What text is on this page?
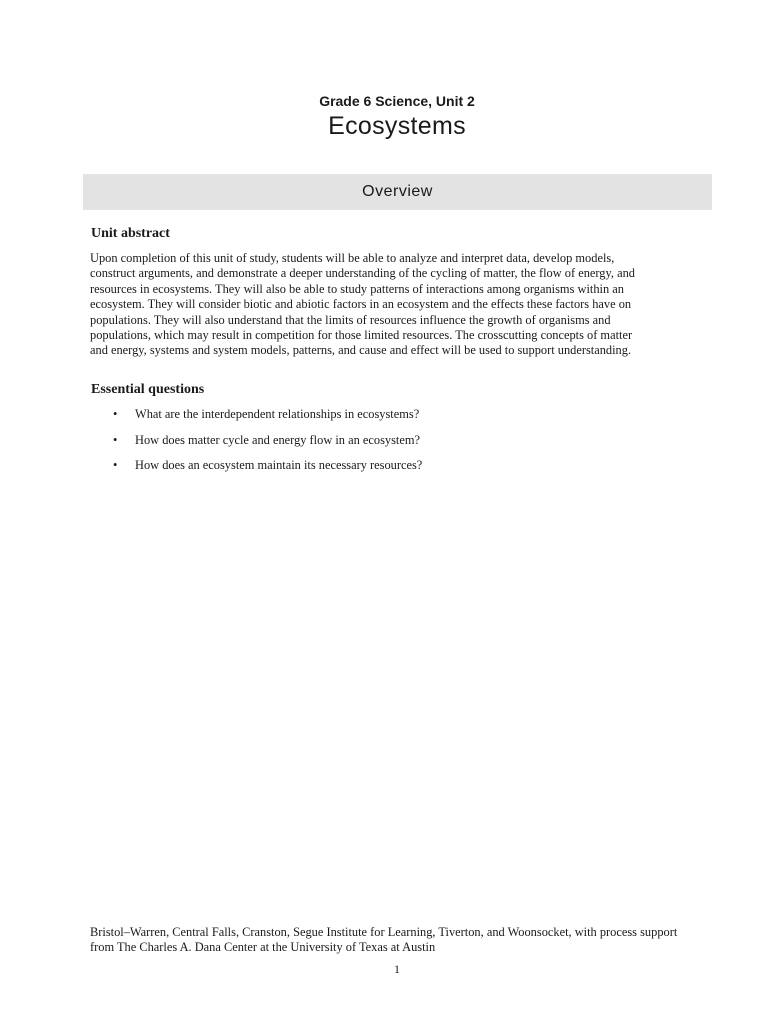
Grade 6 Science, Unit 2
Ecosystems
Overview
Unit abstract
Upon completion of this unit of study, students will be able to analyze and interpret data, develop models,
construct arguments, and demonstrate a deeper understanding of the cycling of matter, the flow of energy, and
resources in ecosystems. They will also be able to study patterns of interactions among organisms within an
ecosystem. They will consider biotic and abiotic factors in an ecosystem and the effects these factors have on
populations. They will also understand that the limits of resources influence the growth of organisms and
populations, which may result in competition for those limited resources. The crosscutting concepts of matter
and energy, systems and system models, patterns, and cause and effect will be used to support understanding.
Essential questions
•	What are the interdependent relationships in ecosystems?
•	How does matter cycle and energy flow in an ecosystem?
•	How does an ecosystem maintain its necessary resources?
Bristol–Warren, Central Falls, Cranston, Segue Institute for Learning, Tiverton, and Woonsocket, with process support
from The Charles A. Dana Center at the University of Texas at Austin
1
